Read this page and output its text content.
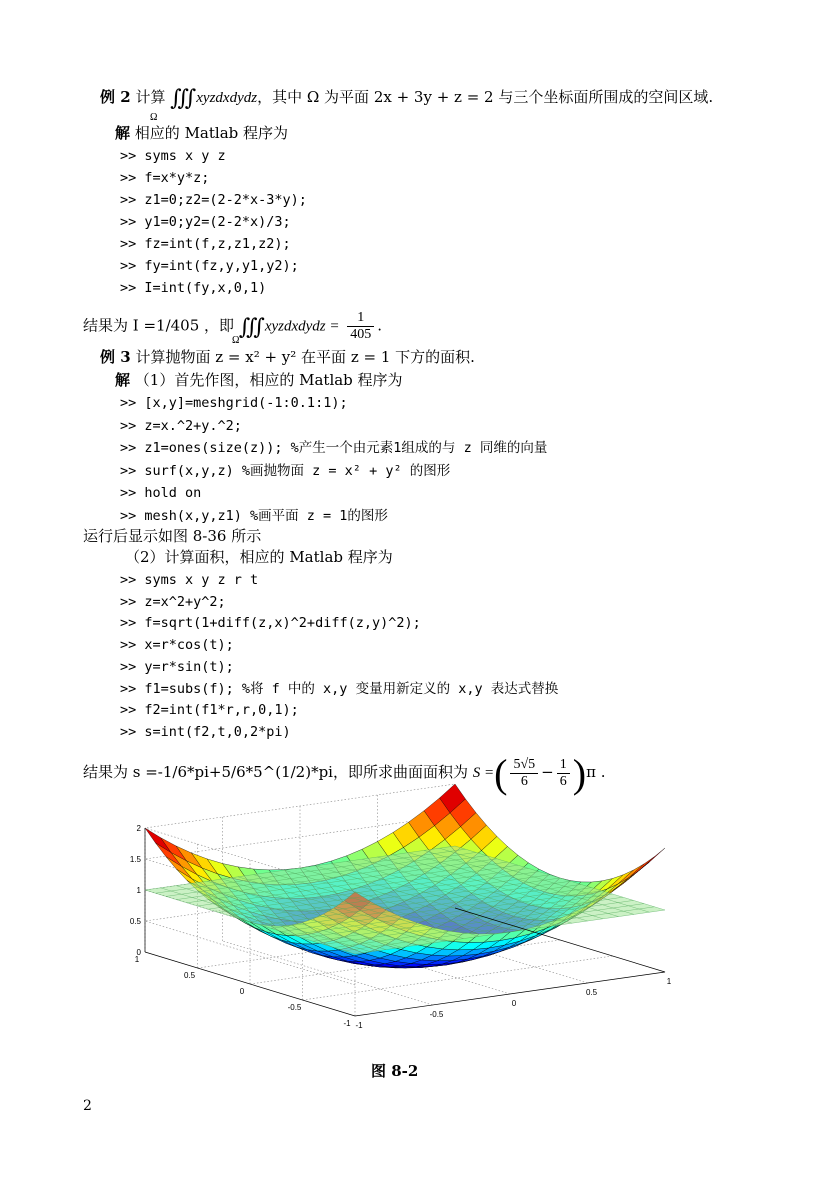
例 2 计算 ∭ xyzdxdydz，其中 Ω 为平面 2x + 3y + z = 2 与三个坐标面所围成的空间区域.
Ω
解 相应的 Matlab 程序为
>> syms x y z
>> f=x*y*z;
>> z1=0;z2=(2-2*x-3*y);
>> y1=0;y2=(2-2*x)/3;
>> fz=int(f,z,z1,z2);
>> fy=int(fz,y,y1,y2);
>> I=int(fy,x,0,1)
结果为 I =1/405 ，即 ∭ xyzdxdydz = $\frac{1}{405}$ .
Ω
例 3 计算抛物面 z = x² + y² 在平面 z = 1 下方的面积.
解 （1）首先作图，相应的 Matlab 程序为
>> [x,y]=meshgrid(-1:0.1:1);
>> z=x.^2+y.^2;
>> z1=ones(size(z)); %产生一个由元素1组成的与 z 同维的向量
>> surf(x,y,z) %画抛物面 z = x² + y² 的图形
>> hold on
>> mesh(x,y,z1) %画平面 z = 1的图形
运行后显示如图 8-36 所示
（2）计算面积，相应的 Matlab 程序为
>> syms x y z r t
>> z=x^2+y^2;
>> f=sqrt(1+diff(z,x)^2+diff(z,y)^2);
>> x=r*cos(t);
>> y=r*sin(t);
>> f1=subs(f); %将 f 中的 x,y 变量用新定义的 x,y 表达式替换
>> f2=int(f1*r,r,0,1);
>> s=int(f2,t,0,2*pi)
结果为 s =-1/6*pi+5/6*5^(1/2)*pi，即所求曲面面积为 S =( $\frac{5√5}{6} - \frac{1}{6} )\pi$ .
0
0.5
1
1.5
2
1
0.5
0
-0.5
-1 -1
-0.5
0
0.5
1
图 8-2
2
